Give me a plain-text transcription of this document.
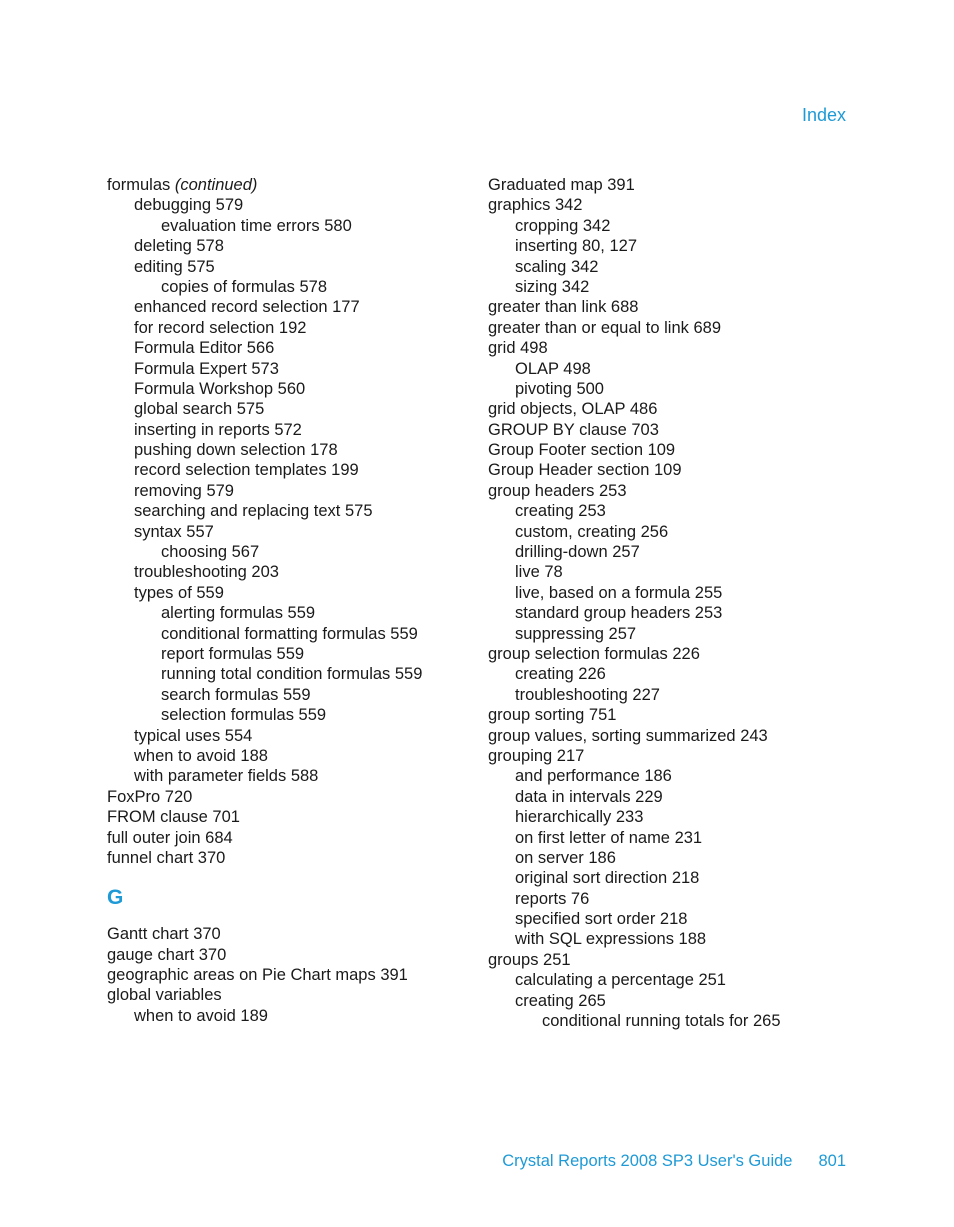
Index
formulas (continued)
debugging 579
evaluation time errors 580
deleting 578
editing 575
copies of formulas 578
enhanced record selection 177
for record selection 192
Formula Editor 566
Formula Expert 573
Formula Workshop 560
global search 575
inserting in reports 572
pushing down selection 178
record selection templates 199
removing 579
searching and replacing text 575
syntax 557
choosing 567
troubleshooting 203
types of 559
alerting formulas 559
conditional formatting formulas 559
report formulas 559
running total condition formulas 559
search formulas 559
selection formulas 559
typical uses 554
when to avoid 188
with parameter fields 588
FoxPro 720
FROM clause 701
full outer join 684
funnel chart 370
G
Gantt chart 370
gauge chart 370
geographic areas on Pie Chart maps 391
global variables
when to avoid 189
Graduated map 391
graphics 342
cropping 342
inserting 80, 127
scaling 342
sizing 342
greater than link 688
greater than or equal to link 689
grid 498
OLAP 498
pivoting 500
grid objects, OLAP 486
GROUP BY clause 703
Group Footer section 109
Group Header section 109
group headers 253
creating 253
custom, creating 256
drilling-down 257
live 78
live, based on a formula 255
standard group headers 253
suppressing 257
group selection formulas 226
creating 226
troubleshooting 227
group sorting 751
group values, sorting summarized 243
grouping 217
and performance 186
data in intervals 229
hierarchically 233
on first letter of name 231
on server 186
original sort direction 218
reports 76
specified sort order 218
with SQL expressions 188
groups 251
calculating a percentage 251
creating 265
conditional running totals for 265
Crystal Reports 2008 SP3 User's Guide 801
